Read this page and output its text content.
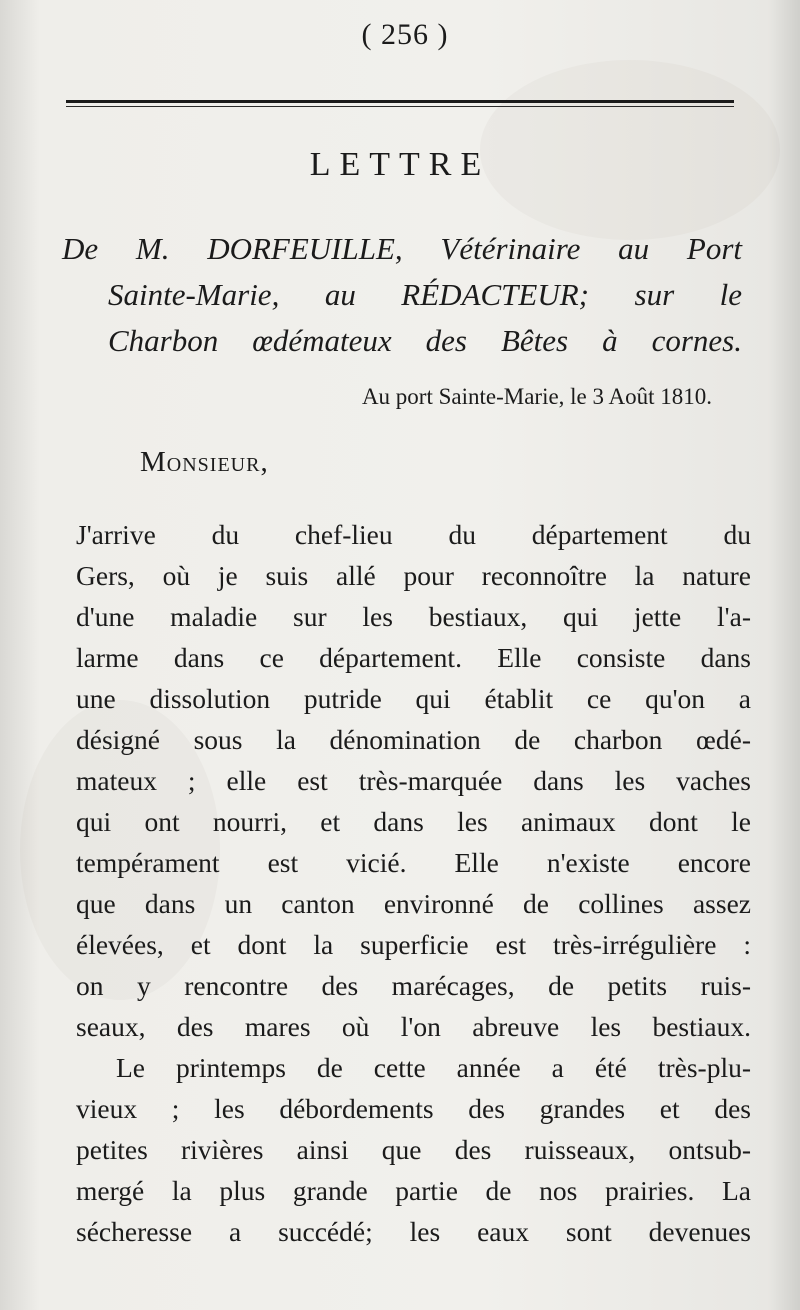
( 256 )
LETTRE
De M. DORFEUILLE, Vétérinaire au Port
Sainte-Marie, au RÉDACTEUR; sur le
Charbon œdémateux des Bêtes à cornes.
Au port Sainte-Marie, le 3 Août 1810.
Monsieur,
J'arrive du chef-lieu du département du
Gers, où je suis allé pour reconnoître la nature
d'une maladie sur les bestiaux, qui jette l'a-
larme dans ce département. Elle consiste dans
une dissolution putride qui établit ce qu'on a
désigné sous la dénomination de charbon œdé-
mateux ; elle est très-marquée dans les vaches
qui ont nourri, et dans les animaux dont le
tempérament est vicié. Elle n'existe encore
que dans un canton environné de collines assez
élevées, et dont la superficie est très-irrégulière :
on y rencontre des marécages, de petits ruis-
seaux, des mares où l'on abreuve les bestiaux.
Le printemps de cette année a été très-plu-
vieux ; les débordements des grandes et des
petites rivières ainsi que des ruisseaux, ontsub-
mergé la plus grande partie de nos prairies. La
sécheresse a succédé; les eaux sont devenues
